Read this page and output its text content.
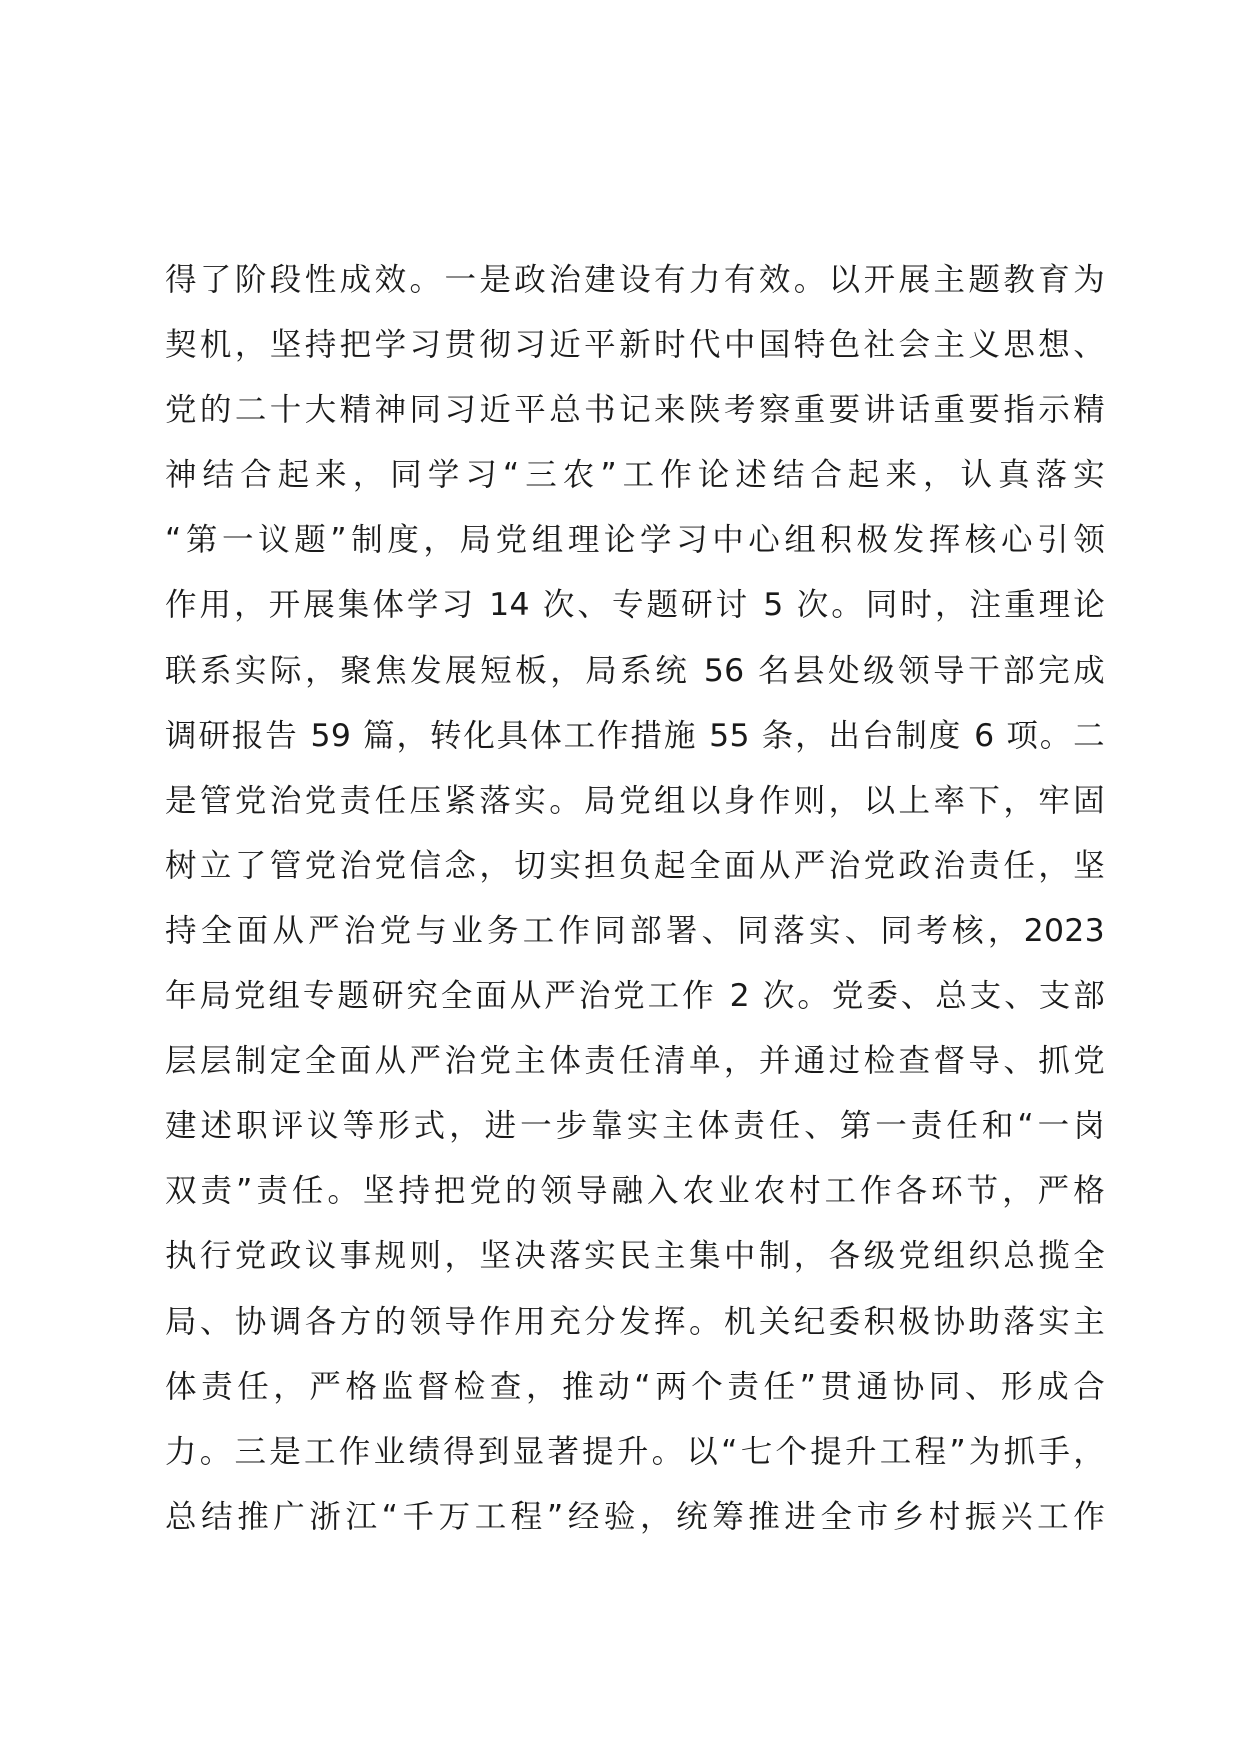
得了阶段性成效。一是政治建设有力有效。以开展主题教育为
契机，坚持把学习贯彻习近平新时代中国特色社会主义思想、
党的二十大精神同习近平总书记来陕考察重要讲话重要指示精
神结合起来，同学习“三农”工作论述结合起来，认真落实
“第一议题”制度，局党组理论学习中心组积极发挥核心引领
作用，开展集体学习 14 次、专题研讨 5 次。同时，注重理论
联系实际，聚焦发展短板，局系统 56 名县处级领导干部完成
调研报告 59 篇，转化具体工作措施 55 条，出台制度 6 项。二
是管党治党责任压紧落实。局党组以身作则，以上率下，牢固
树立了管党治党信念，切实担负起全面从严治党政治责任，坚
持全面从严治党与业务工作同部署、同落实、同考核，2023
年局党组专题研究全面从严治党工作 2 次。党委、总支、支部
层层制定全面从严治党主体责任清单，并通过检查督导、抓党
建述职评议等形式，进一步靠实主体责任、第一责任和“一岗
双责”责任。坚持把党的领导融入农业农村工作各环节，严格
执行党政议事规则，坚决落实民主集中制，各级党组织总揽全
局、协调各方的领导作用充分发挥。机关纪委积极协助落实主
体责任，严格监督检查，推动“两个责任”贯通协同、形成合
力。三是工作业绩得到显著提升。以“七个提升工程”为抓手，
总结推广浙江“千万工程”经验，统筹推进全市乡村振兴工作
